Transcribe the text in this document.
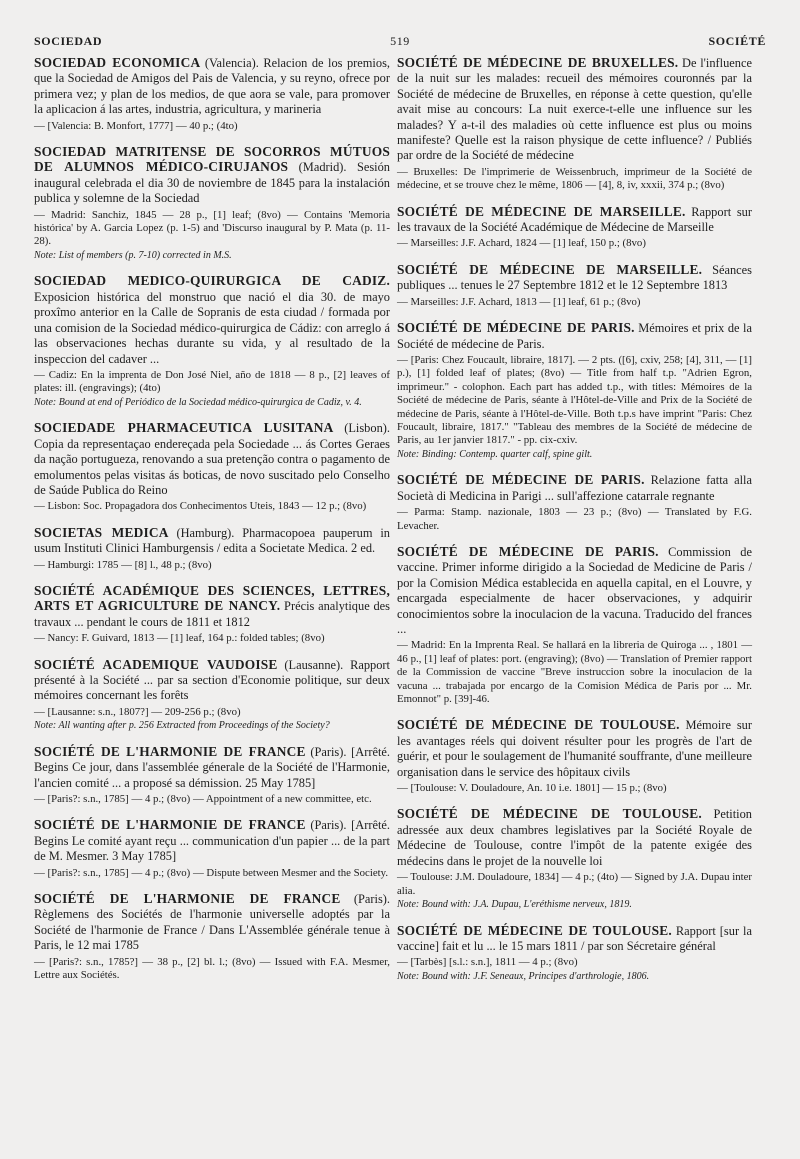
SOCIEDAD	519	SOCIÉTÉ

SOCIEDAD ECONOMICA (Valencia). Relacion de los premios, que la Sociedad de Amigos del Pais de Valencia, y su reyno, ofrece por primera vez; y plan de los medios, de que aora se vale, para promover la aplicacion á las artes, industria, agricultura, y marineria

— [Valencia: B. Monfort, 1777] — 40 p.; (4to)

SOCIEDAD MATRITENSE DE SOCORROS MÚTUOS DE ALUMNOS MÉDICO-CIRUJANOS (Madrid). Sesión inaugural celebrada el dia 30 de noviembre de 1845 para la instalación publica y solemne de la Sociedad

— Madrid: Sanchiz, 1845 — 28 p., [1] leaf; (8vo) — Contains 'Memoria histórica' by A. Garcia Lopez (p. 1-5) and 'Discurso inaugural by P. Mata (p. 11-28).

Note: List of members (p. 7-10) corrected in M.S.

SOCIEDAD MEDICO-QUIRURGICA DE CADIZ. Exposicion histórica del monstruo que nació el dia 30. de mayo proxîmo anterior en la Calle de Sopranis de esta ciudad / formada por una comision de la Sociedad médico-quirurgica de Cádiz: con arreglo á las observaciones hechas durante su vida, y al resultado de la inspeccion del cadaver ...

— Cadiz: En la imprenta de Don José Niel, año de 1818 — 8 p., [2] leaves of plates: ill. (engravings); (4to)

Note: Bound at end of Periódico de la Sociedad médico-quirurgica de Cadiz, v. 4.

SOCIEDADE PHARMACEUTICA LUSITANA (Lisbon). Copia da representaçao endereçada pela Sociedade ... ás Cortes Geraes da nação portugueza, renovando a sua pretenção contra o pagamento de emolumentos pelas visitas ás boticas, de novo suscitado pelo Conselho de Saúde Publica do Reino

— Lisbon: Soc. Propagadora dos Conhecimentos Uteis, 1843 — 12 p.; (8vo)

SOCIETAS MEDICA (Hamburg). Pharmacopoea pauperum in usum Instituti Clinici Hamburgensis / edita a Societate Medica. 2 ed.

— Hamburgi: 1785 — [8] l., 48 p.; (8vo)

SOCIÉTÉ ACADÉMIQUE DES SCIENCES, LETTRES, ARTS ET AGRICULTURE DE NANCY. Précis analytique des travaux ... pendant le cours de 1811 et 1812

— Nancy: F. Guivard, 1813 — [1] leaf, 164 p.: folded tables; (8vo)

SOCIÉTÉ ACADEMIQUE VAUDOISE (Lausanne). Rapport présenté à la Société ... par sa section d'Economie politique, sur deux mémoires concernant les forêts

— [Lausanne: s.n., 1807?] — 209-256 p.; (8vo)

Note: All wanting after p. 256 Extracted from Proceedings of the Society?

SOCIÉTÉ DE L'HARMONIE DE FRANCE (Paris). [Arrêté. Begins Ce jour, dans l'assemblée génerale de la Société de l'Harmonie, l'ancien comité ... a proposé sa démission. 25 May 1785]

— [Paris?: s.n., 1785] — 4 p.; (8vo) — Appointment of a new committee, etc.

SOCIÉTÉ DE L'HARMONIE DE FRANCE (Paris). [Arrêté. Begins Le comité ayant reçu ... communication d'un papier ... de la part de M. Mesmer. 3 May 1785]

— [Paris?: s.n., 1785] — 4 p.; (8vo) — Dispute between Mesmer and the Society.

SOCIÉTÉ DE L'HARMONIE DE FRANCE (Paris). Règlemens des Sociétés de l'harmonie universelle adoptés par la Société de l'harmonie de France / Dans L'Assemblée générale tenue à Paris, le 12 mai 1785

— [Paris?: s.n., 1785?] — 38 p., [2] bl. l.; (8vo) — Issued with F.A. Mesmer, Lettre aux Sociétés.

SOCIÉTÉ DE MÉDECINE DE BRUXELLES. De l'influence de la nuit sur les malades: recueil des mémoires couronnés par la Société de médecine de Bruxelles, en réponse à cette question, qu'elle avait mise au concours: La nuit exerce-t-elle une influence sur les malades? Y a-t-il des maladies où cette influence est plus ou moins manifeste? Quelle est la raison physique de cette influence? / Publiés par ordre de la Société de médecine

— Bruxelles: De l'imprimerie de Weissenbruch, imprimeur de la Société de médecine, et se trouve chez le même, 1806 — [4], 8, iv, xxxii, 374 p.; (8vo)

SOCIÉTÉ DE MÉDECINE DE MARSEILLE. Rapport sur les travaux de la Société Académique de Médecine de Marseille

— Marseilles: J.F. Achard, 1824 — [1] leaf, 150 p.; (8vo)

SOCIÉTÉ DE MÉDECINE DE MARSEILLE. Séances publiques ... tenues le 27 Septembre 1812 et le 12 Septembre 1813

— Marseilles: J.F. Achard, 1813 — [1] leaf, 61 p.; (8vo)

SOCIÉTÉ DE MÉDECINE DE PARIS. Mémoires et prix de la Société de médecine de Paris.

— [Paris: Chez Foucault, libraire, 1817]. — 2 pts. ([6], cxiv, 258; [4], 311, — [1] p.), [1] folded leaf of plates; (8vo) — Title from half t.p. "Adrien Egron, imprimeur." - colophon. Each part has added t.p., with titles: Mémoires de la Société de médecine de Paris, séante à l'Hôtel-de-Ville and Prix de la Société de médecine de Paris, séante à l'Hôtel-de-Ville. Both t.p.s have imprint "Paris: Chez Foucault, libraire, 1817." "Tableau des membres de la Société de médecine de Paris, au 1er janvier 1817." - pp. cix-cxiv.

Note: Binding: Contemp. quarter calf, spine gilt.

SOCIÉTÉ DE MÉDECINE DE PARIS. Relazione fatta alla Società di Medicina in Parigi ... sull'affezione catarrale regnante

— Parma: Stamp. nazionale, 1803 — 23 p.; (8vo) — Translated by F.G. Levacher.

SOCIÉTÉ DE MÉDECINE DE PARIS. Commission de vaccine. Primer informe dirigido a la Sociedad de Medicine de Paris / por la Comision Médica establecida en aquella capital, en el Louvre, y encargada especialmente de hacer observaciones, y adquirir conocimientos sobre la inoculacion de la vacuna. Traducido del frances ...

— Madrid: En la Imprenta Real. Se hallará en la libreria de Quiroga ... , 1801 — 46 p., [1] leaf of plates: port. (engraving); (8vo) — Translation of Premier rapport de la Commission de vaccine "Breve instruccion sobre la inoculacion de la vacuna ... trabajada por encargo de la Comision Médica de Paris por ... Mr. Emonnot" p. [39]-46.

SOCIÉTÉ DE MÉDECINE DE TOULOUSE. Mémoire sur les avantages réels qui doivent résulter pour les progrès de l'art de guérir, et pour le soulagement de l'humanité souffrante, d'une meilleure organisation dans le service des hôpitaux civils

— [Toulouse: V. Douladoure, An. 10 i.e. 1801] — 15 p.; (8vo)

SOCIÉTÉ DE MÉDECINE DE TOULOUSE. Petition adressée aux deux chambres legislatives par la Société Royale de Médecine de Toulouse, contre l'impôt de la patente exigée des médecins dans le projet de la nouvelle loi

— Toulouse: J.M. Douladoure, 1834] — 4 p.; (4to) — Signed by J.A. Dupau inter alia.

Note: Bound with: J.A. Dupau, L'eréthisme nerveux, 1819.

SOCIÉTÉ DE MÉDECINE DE TOULOUSE. Rapport [sur la vaccine] fait et lu ... le 15 mars 1811 / par son Sécretaire général

— [Tarbès] [s.l.: s.n.], 1811 — 4 p.; (8vo)

Note: Bound with: J.F. Seneaux, Principes d'arthrologie, 1806.
